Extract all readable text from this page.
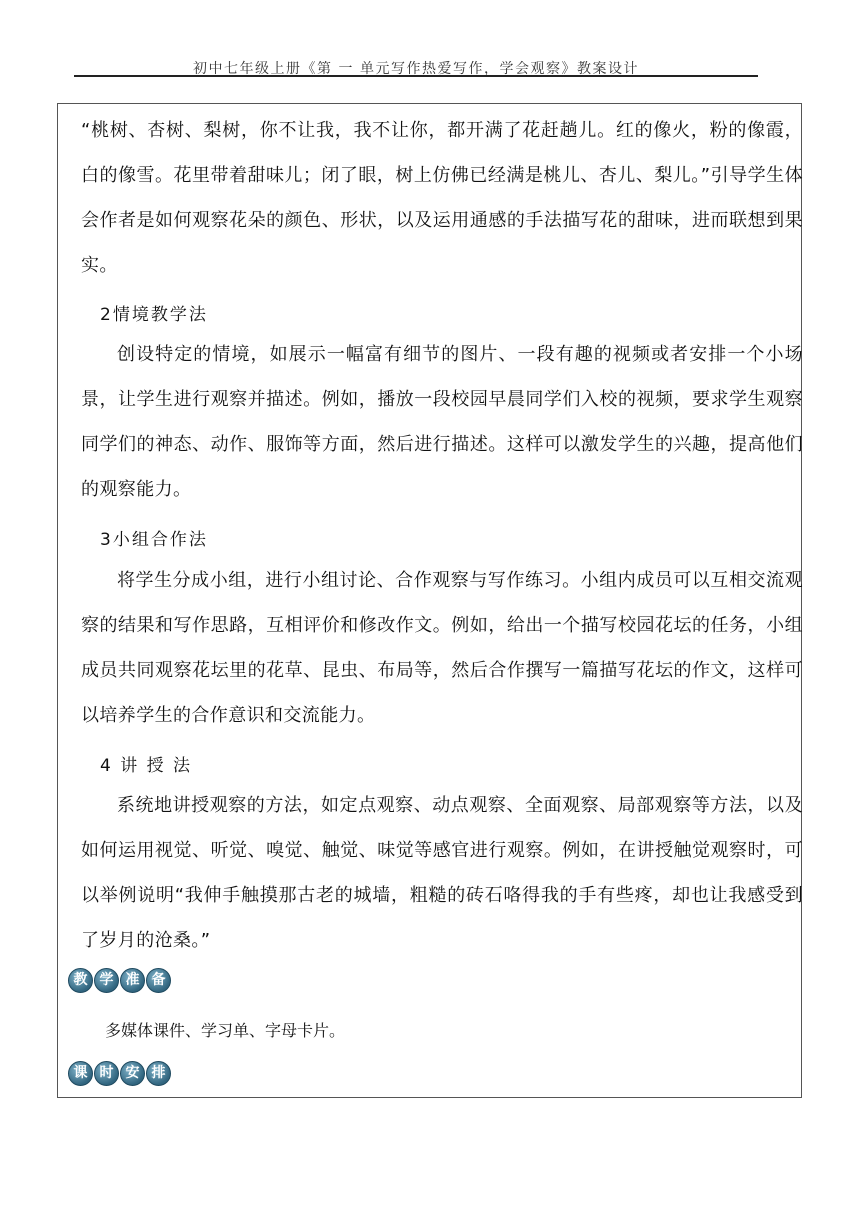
初中七年级上册《第 一 单元写作热爱写作，学会观察》教案设计

“桃树、杏树、梨树，你不让我，我不让你，都开满了花赶趟儿。红的像火，粉的像霞，白的像雪。花里带着甜味儿；闭了眼，树上仿佛已经满是桃儿、杏儿、梨儿。”引导学生体会作者是如何观察花朵的颜色、形状，以及运用通感的手法描写花的甜味，进而联想到果实。

2情境教学法

创设特定的情境，如展示一幅富有细节的图片、一段有趣的视频或者安排一个小场景，让学生进行观察并描述。例如，播放一段校园早晨同学们入校的视频，要求学生观察同学们的神态、动作、服饰等方面，然后进行描述。这样可以激发学生的兴趣，提高他们的观察能力。

3小组合作法

将学生分成小组，进行小组讨论、合作观察与写作练习。小组内成员可以互相交流观察的结果和写作思路，互相评价和修改作文。例如，给出一个描写校园花坛的任务，小组成员共同观察花坛里的花草、昆虫、布局等，然后合作撰写一篇描写花坛的作文，这样可以培养学生的合作意识和交流能力。

4 讲 授 法

系统地讲授观察的方法，如定点观察、动点观察、全面观察、局部观察等方法，以及如何运用视觉、听觉、嗅觉、触觉、味觉等感官进行观察。例如，在讲授触觉观察时，可以举例说明“我伸手触摸那古老的城墙，粗糙的砖石咯得我的手有些疼，却也让我感受到了岁月的沧桑。”

教 学 准 备
多媒体课件、学习单、字母卡片。
课 时 安 排
